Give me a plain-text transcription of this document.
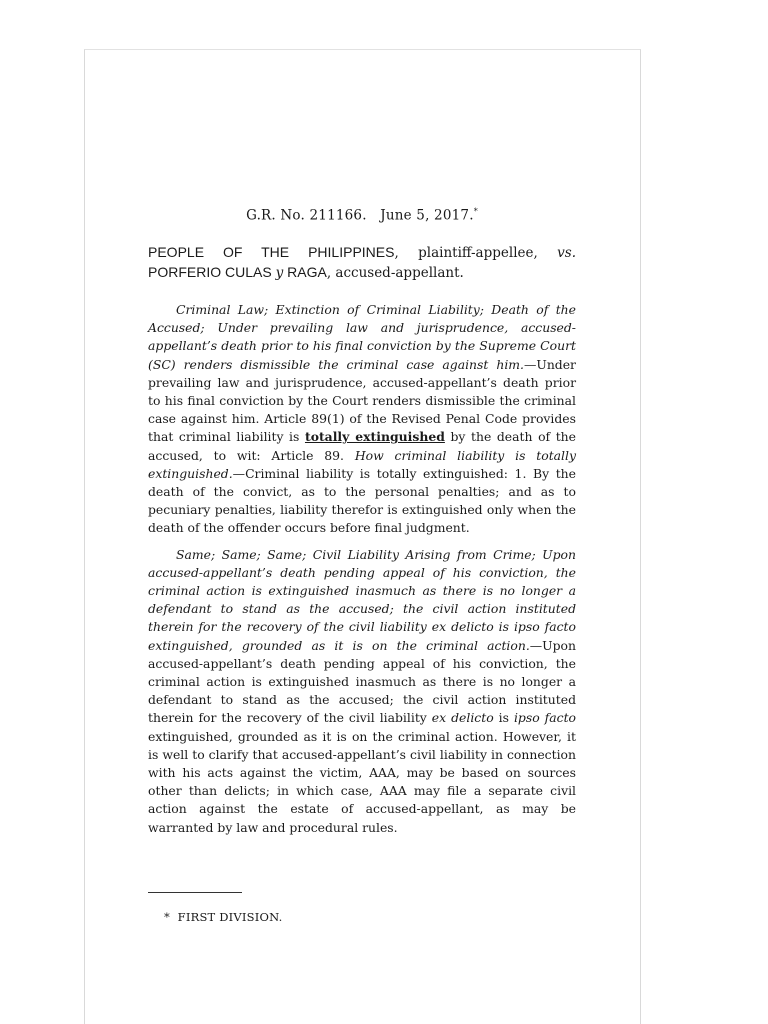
G.R. No. 211166. June 5, 2017.*
PEOPLE OF THE PHILIPPINES, plaintiff-appellee, vs. PORFERIO CULAS y RAGA, accused-appellant.

Criminal Law; Extinction of Criminal Liability; Death of the Accused; Under prevailing law and jurisprudence, accused-appellant’s death prior to his final conviction by the Supreme Court (SC) renders dismissible the criminal case against him.—Under prevailing law and jurisprudence, accused-appellant’s death prior to his final conviction by the Court renders dismissible the criminal case against him. Article 89(1) of the Revised Penal Code provides that criminal liability is totally extinguished by the death of the accused, to wit: Article 89. How criminal liability is totally extinguished.—Criminal liability is totally extinguished: 1. By the death of the convict, as to the personal penalties; and as to pecuniary penalties, liability therefor is extinguished only when the death of the offender occurs before final judgment.

Same; Same; Same; Civil Liability Arising from Crime; Upon accused-appellant’s death pending appeal of his conviction, the criminal action is extinguished inasmuch as there is no longer a defendant to stand as the accused; the civil action instituted therein for the recovery of the civil liability ex delicto is ipso facto extinguished, grounded as it is on the criminal action.—Upon accused-appellant’s death pending appeal of his conviction, the criminal action is extinguished inasmuch as there is no longer a defendant to stand as the accused; the civil action instituted therein for the recovery of the civil liability ex delicto is ipso facto extinguished, grounded as it is on the criminal action. However, it is well to clarify that accused-appellant’s civil liability in connection with his acts against the victim, AAA, may be based on sources other than delicts; in which case, AAA may file a separate civil action against the estate of accused-appellant, as may be warranted by law and procedural rules.

* FIRST DIVISION.
